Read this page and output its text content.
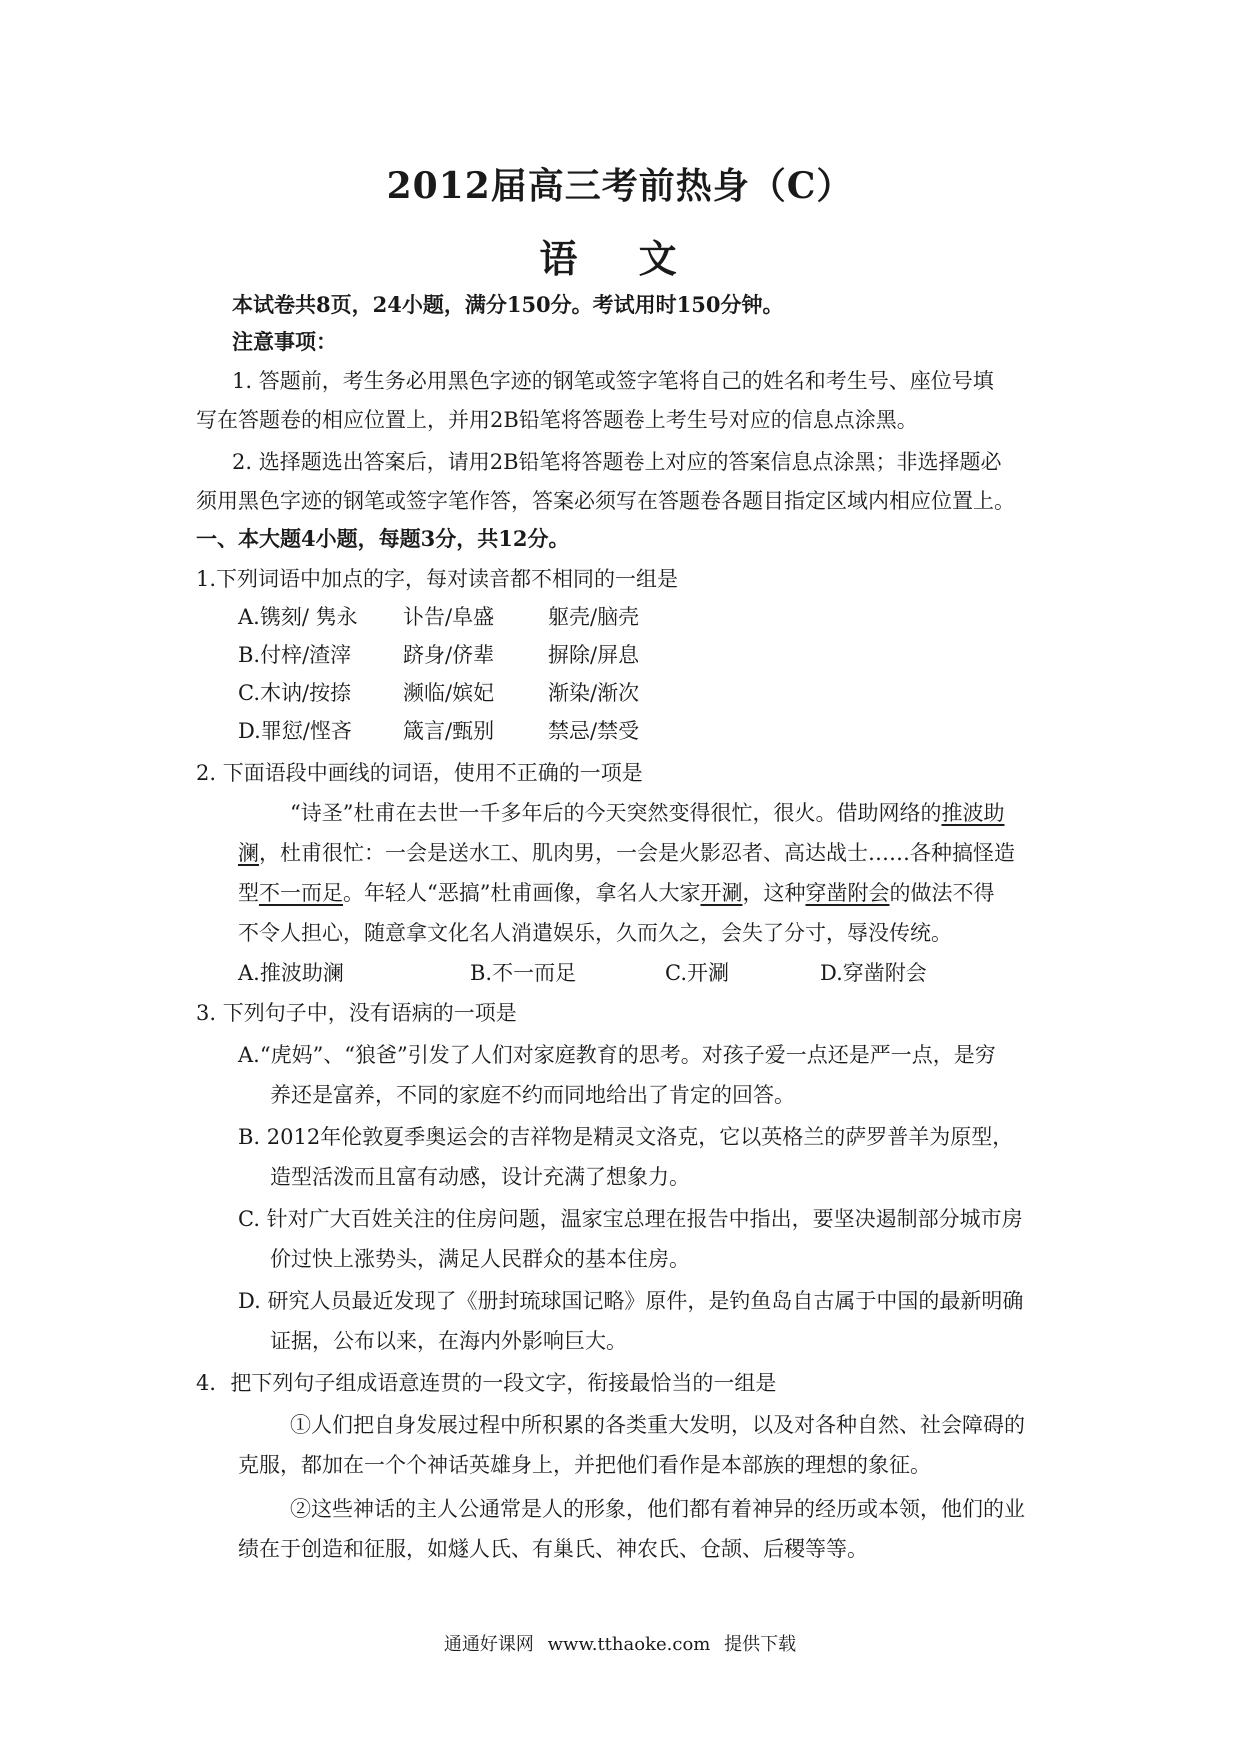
2012届高三考前热身（C）
语 文
本试卷共8页，24小题，满分150分。考试用时150分钟。
注意事项：
1. 答题前，考生务必用黑色字迹的钢笔或签字笔将自己的姓名和考生号、座位号填
写在答题卷的相应位置上，并用2B铅笔将答题卷上考生号对应的信息点涂黑。
2. 选择题选出答案后，请用2B铅笔将答题卷上对应的答案信息点涂黑；非选择题必
须用黑色字迹的钢笔或签字笔作答，答案必须写在答题卷各题目指定区域内相应位置上。
一、本大题4小题，每题3分，共12分。
1.下列词语中加点的字，每对读音都不相同的一组是
A.镌刻/ 隽永 讣告/阜盛	躯壳/脑壳
B.付梓/渣滓 跻身/侪辈	摒除/屏息
C.木讷/按捺 濒临/嫔妃	渐染/渐次
D.罪愆/悭吝 箴言/甄别	禁忌/禁受
2. 下面语段中画线的词语，使用不正确的一项是
“诗圣”杜甫在去世一千多年后的今天突然变得很忙，很火。借助网络的推波助
澜，杜甫很忙：一会是送水工、肌肉男，一会是火影忍者、高达战士……各种搞怪造
型不一而足。年轻人“恶搞”杜甫画像，拿名人大家开涮，这种穿凿附会的做法不得
不令人担心，随意拿文化名人消遣娱乐，久而久之，会失了分寸，辱没传统。
A.推波助澜	B.不一而足	C.开涮	D.穿凿附会
3. 下列句子中，没有语病的一项是
A.“虎妈”、“狼爸”引发了人们对家庭教育的思考。对孩子爱一点还是严一点，是穷
养还是富养，不同的家庭不约而同地给出了肯定的回答。
B. 2012年伦敦夏季奥运会的吉祥物是精灵文洛克，它以英格兰的萨罗普羊为原型，
造型活泼而且富有动感，设计充满了想象力。
C. 针对广大百姓关注的住房问题，温家宝总理在报告中指出，要坚决遏制部分城市房
价过快上涨势头，满足人民群众的基本住房。
D. 研究人员最近发现了《册封琉球国记略》原件，是钓鱼岛自古属于中国的最新明确
证据，公布以来，在海内外影响巨大。
4．把下列句子组成语意连贯的一段文字，衔接最恰当的一组是
①人们把自身发展过程中所积累的各类重大发明，以及对各种自然、社会障碍的
克服，都加在一个个神话英雄身上，并把他们看作是本部族的理想的象征。
②这些神话的主人公通常是人的形象，他们都有着神异的经历或本领，他们的业
绩在于创造和征服，如燧人氏、有巢氏、神农氏、仓颉、后稷等等。
通通好课网 www.tthaoke.com 提供下载
